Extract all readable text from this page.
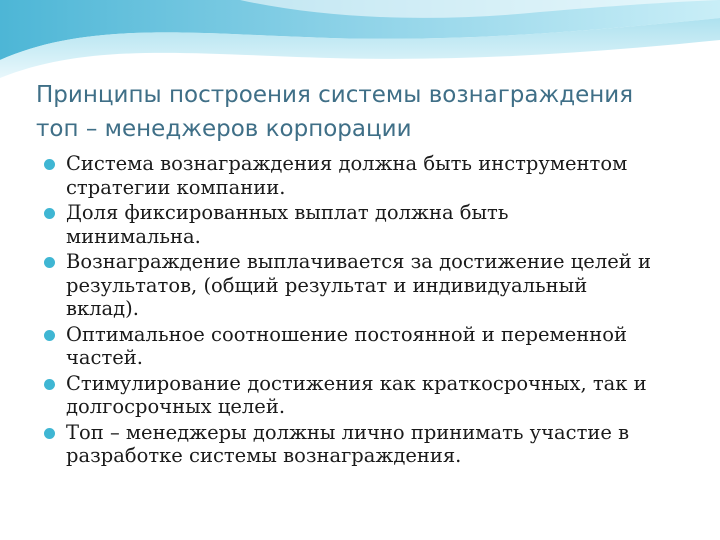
Принципы построения системы вознаграждения
топ – менеджеров корпорации
Система вознаграждения должна быть инструментом
стратегии компании.
Доля фиксированных выплат должна быть
минимальна.
Вознаграждение выплачивается за достижение целей и
результатов, (общий результат и индивидуальный
вклад).
Оптимальное соотношение постоянной и переменной
частей.
Стимулирование достижения как краткосрочных, так и
долгосрочных целей.
Топ – менеджеры должны лично принимать участие в
разработке системы вознаграждения.
